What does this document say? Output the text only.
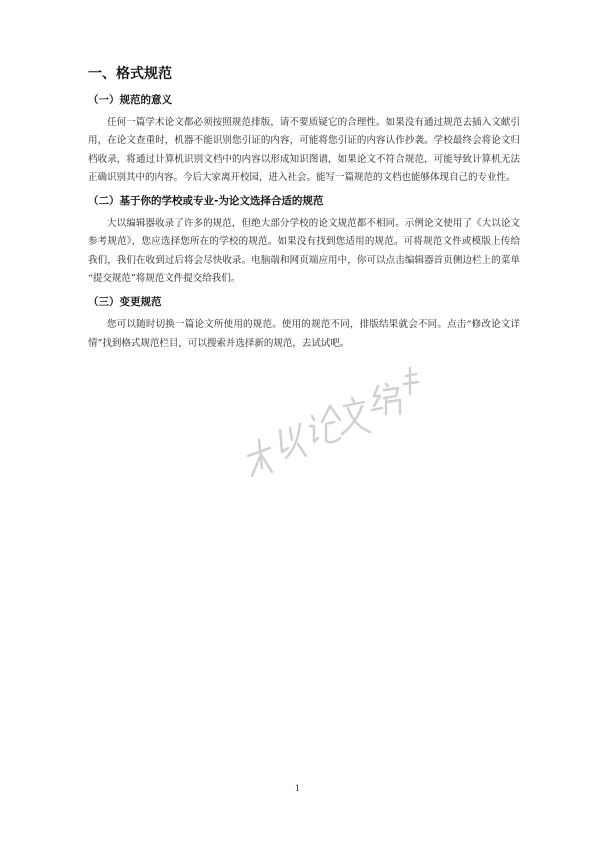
一、格式规范
（一）规范的意义

任何一篇学术论文都必须按照规范排版，请不要质疑它的合理性。如果没有通过规范去插入文献引用，在论文查重时，机器不能识别您引证的内容，可能将您引证的内容认作抄袭。学校最终会将论文归档收录，将通过计算机识别文档中的内容以形成知识图谱，如果论文不符合规范，可能导致计算机无法正确识别其中的内容。今后大家离开校园，进入社会。能写一篇规范的文档也能够体现自己的专业性。

（二）基于你的学校或专业-为论文选择合适的规范

大以编辑器收录了许多的规范，但绝大部分学校的论文规范都不相同。示例论文使用了《大以论文参考规范》，您应选择您所在的学校的规范。如果没有找到您适用的规范。可将规范文件或模版上传给我们，我们在收到过后将会尽快收录。电脑端和网页端应用中，你可以点击编辑器首页侧边栏上的菜单 “提交规范”将规范文件提交给我们。

（三）变更规范

您可以随时切换一篇论文所使用的规范。使用的规范不同，排版结果就会不同。点击“修改论文详情”找到格式规范栏目，可以搜索并选择新的规范，去试试吧。

1
